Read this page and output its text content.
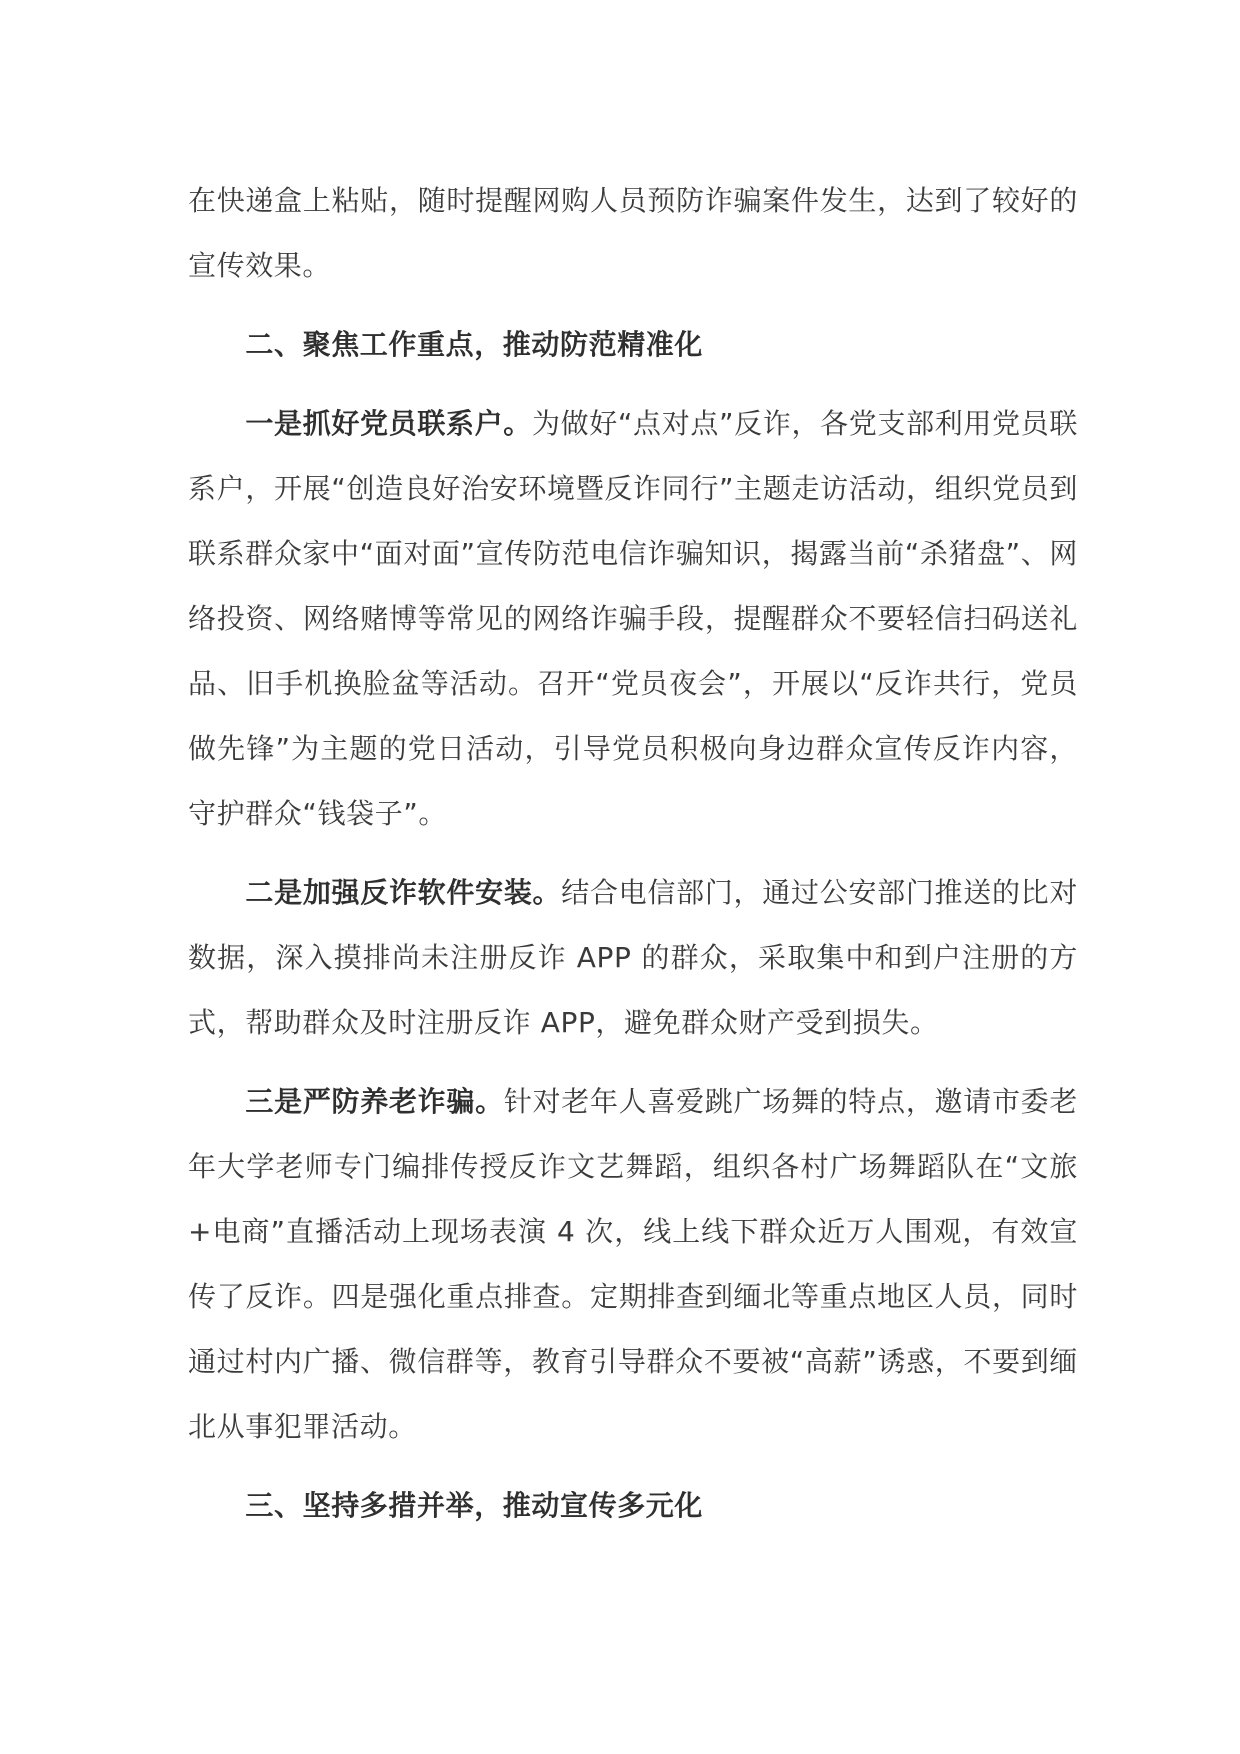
在快递盒上粘贴，随时提醒网购人员预防诈骗案件发生，达到了较好的宣传效果。

二、聚焦工作重点，推动防范精准化

一是抓好党员联系户。为做好“点对点”反诈，各党支部利用党员联系户，开展“创造良好治安环境暨反诈同行”主题走访活动，组织党员到联系群众家中“面对面”宣传防范电信诈骗知识，揭露当前“杀猪盘”、网络投资、网络赌博等常见的网络诈骗手段，提醒群众不要轻信扫码送礼品、旧手机换脸盆等活动。召开“党员夜会”，开展以“反诈共行，党员做先锋”为主题的党日活动，引导党员积极向身边群众宣传反诈内容，守护群众“钱袋子”。

二是加强反诈软件安装。结合电信部门，通过公安部门推送的比对数据，深入摸排尚未注册反诈 APP 的群众，采取集中和到户注册的方式，帮助群众及时注册反诈 APP，避免群众财产受到损失。

三是严防养老诈骗。针对老年人喜爱跳广场舞的特点，邀请市委老年大学老师专门编排传授反诈文艺舞蹈，组织各村广场舞蹈队在“文旅+电商”直播活动上现场表演 4 次，线上线下群众近万人围观，有效宣传了反诈。四是强化重点排查。定期排查到缅北等重点地区人员，同时通过村内广播、微信群等，教育引导群众不要被“高薪”诱惑，不要到缅北从事犯罪活动。

三、坚持多措并举，推动宣传多元化
